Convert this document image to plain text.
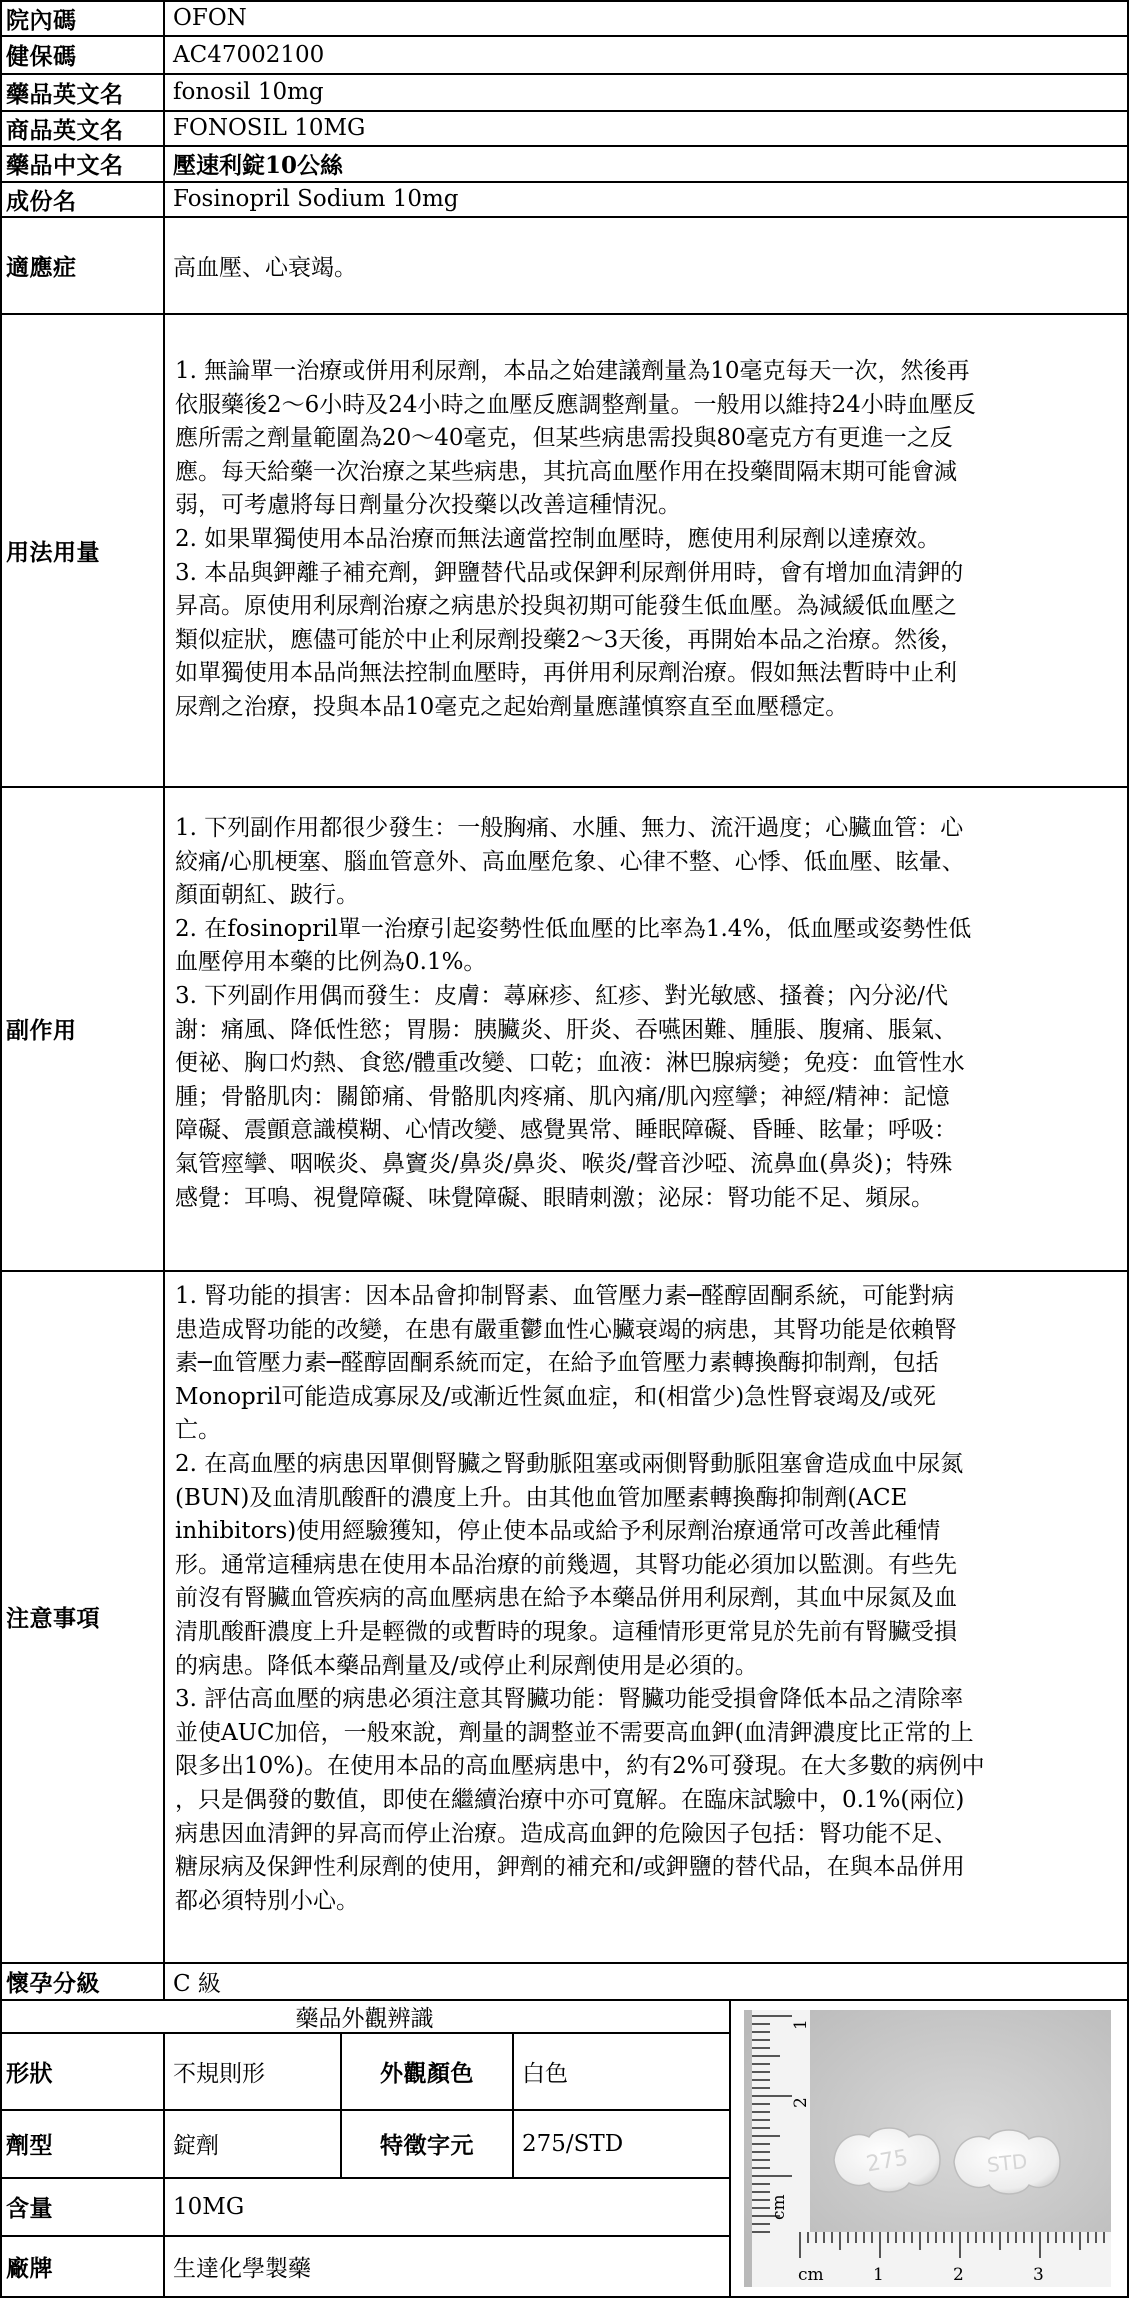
院內碼	OFON
健保碼	AC47002100
藥品英文名	fonosil 10mg
商品英文名	FONOSIL 10MG
藥品中文名	壓速利錠10公絲
成份名	Fosinopril Sodium 10mg
適應症	高血壓、心衰竭。
用法用量
1. 無論單一治療或併用利尿劑，本品之始建議劑量為10毫克每天一次，然後再
依服藥後2～6小時及24小時之血壓反應調整劑量。一般用以維持24小時血壓反
應所需之劑量範圍為20～40毫克，但某些病患需投與80毫克方有更進一之反
應。每天給藥一次治療之某些病患，其抗高血壓作用在投藥間隔末期可能會減
弱，可考慮將每日劑量分次投藥以改善這種情況。
2. 如果單獨使用本品治療而無法適當控制血壓時，應使用利尿劑以達療效。
3. 本品與鉀離子補充劑，鉀鹽替代品或保鉀利尿劑併用時，會有增加血清鉀的
昇高。原使用利尿劑治療之病患於投與初期可能發生低血壓。為減緩低血壓之
類似症狀，應儘可能於中止利尿劑投藥2～3天後，再開始本品之治療。然後，
如單獨使用本品尚無法控制血壓時，再併用利尿劑治療。假如無法暫時中止利
尿劑之治療，投與本品10毫克之起始劑量應謹慎察直至血壓穩定。
副作用
1. 下列副作用都很少發生：一般胸痛、水腫、無力、流汗過度；心臟血管：心
絞痛/心肌梗塞、腦血管意外、高血壓危象、心律不整、心悸、低血壓、眩暈、
顏面朝紅、跛行。
2. 在fosinopril單一治療引起姿勢性低血壓的比率為1.4%，低血壓或姿勢性低
血壓停用本藥的比例為0.1%。
3. 下列副作用偶而發生：皮膚：蕁麻疹、紅疹、對光敏感、搔養；內分泌/代
謝：痛風、降低性慾；胃腸：胰臟炎、肝炎、吞嚥困難、腫脹、腹痛、脹氣、
便祕、胸口灼熱、食慾/體重改變、口乾；血液：淋巴腺病變；免疫：血管性水
腫；骨骼肌肉：關節痛、骨骼肌肉疼痛、肌內痛/肌內痙攣；神經/精神：記憶
障礙、震顫意識模糊、心情改變、感覺異常、睡眠障礙、昏睡、眩暈；呼吸：
氣管痙攣、咽喉炎、鼻竇炎/鼻炎/鼻炎、喉炎/聲音沙啞、流鼻血(鼻炎)；特殊
感覺：耳鳴、視覺障礙、味覺障礙、眼睛刺激；泌尿：腎功能不足、頻尿。
注意事項
1. 腎功能的損害：因本品會抑制腎素、血管壓力素─醛醇固酮系統，可能對病
患造成腎功能的改變，在患有嚴重鬱血性心臟衰竭的病患，其腎功能是依賴腎
素─血管壓力素─醛醇固酮系統而定，在給予血管壓力素轉換酶抑制劑，包括
Monopril可能造成寡尿及/或漸近性氮血症，和(相當少)急性腎衰竭及/或死
亡。
2. 在高血壓的病患因單側腎臟之腎動脈阻塞或兩側腎動脈阻塞會造成血中尿氮
(BUN)及血清肌酸酐的濃度上升。由其他血管加壓素轉換酶抑制劑(ACE
inhibitors)使用經驗獲知，停止使本品或給予利尿劑治療通常可改善此種情
形。通常這種病患在使用本品治療的前幾週，其腎功能必須加以監測。有些先
前沒有腎臟血管疾病的高血壓病患在給予本藥品併用利尿劑，其血中尿氮及血
清肌酸酐濃度上升是輕微的或暫時的現象。這種情形更常見於先前有腎臟受損
的病患。降低本藥品劑量及/或停止利尿劑使用是必須的。
3. 評估高血壓的病患必須注意其腎臟功能：腎臟功能受損會降低本品之清除率
並使AUC加倍，一般來說，劑量的調整並不需要高血鉀(血清鉀濃度比正常的上
限多出10%)。在使用本品的高血壓病患中，約有2%可發現。在大多數的病例中
，只是偶發的數值，即使在繼續治療中亦可寬解。在臨床試驗中，0.1%(兩位)
病患因血清鉀的昇高而停止治療。造成高血鉀的危險因子包括：腎功能不足、
糖尿病及保鉀性利尿劑的使用，鉀劑的補充和/或鉀鹽的替代品，在與本品併用
都必須特別小心。
懷孕分級	C 級
藥品外觀辨識
形狀	不規則形	外觀顏色	白色
劑型	錠劑	特徵字元	275/STD
含量	10MG
廠牌	生達化學製藥
cm
cm
2
1
1	2	3
275	STD
